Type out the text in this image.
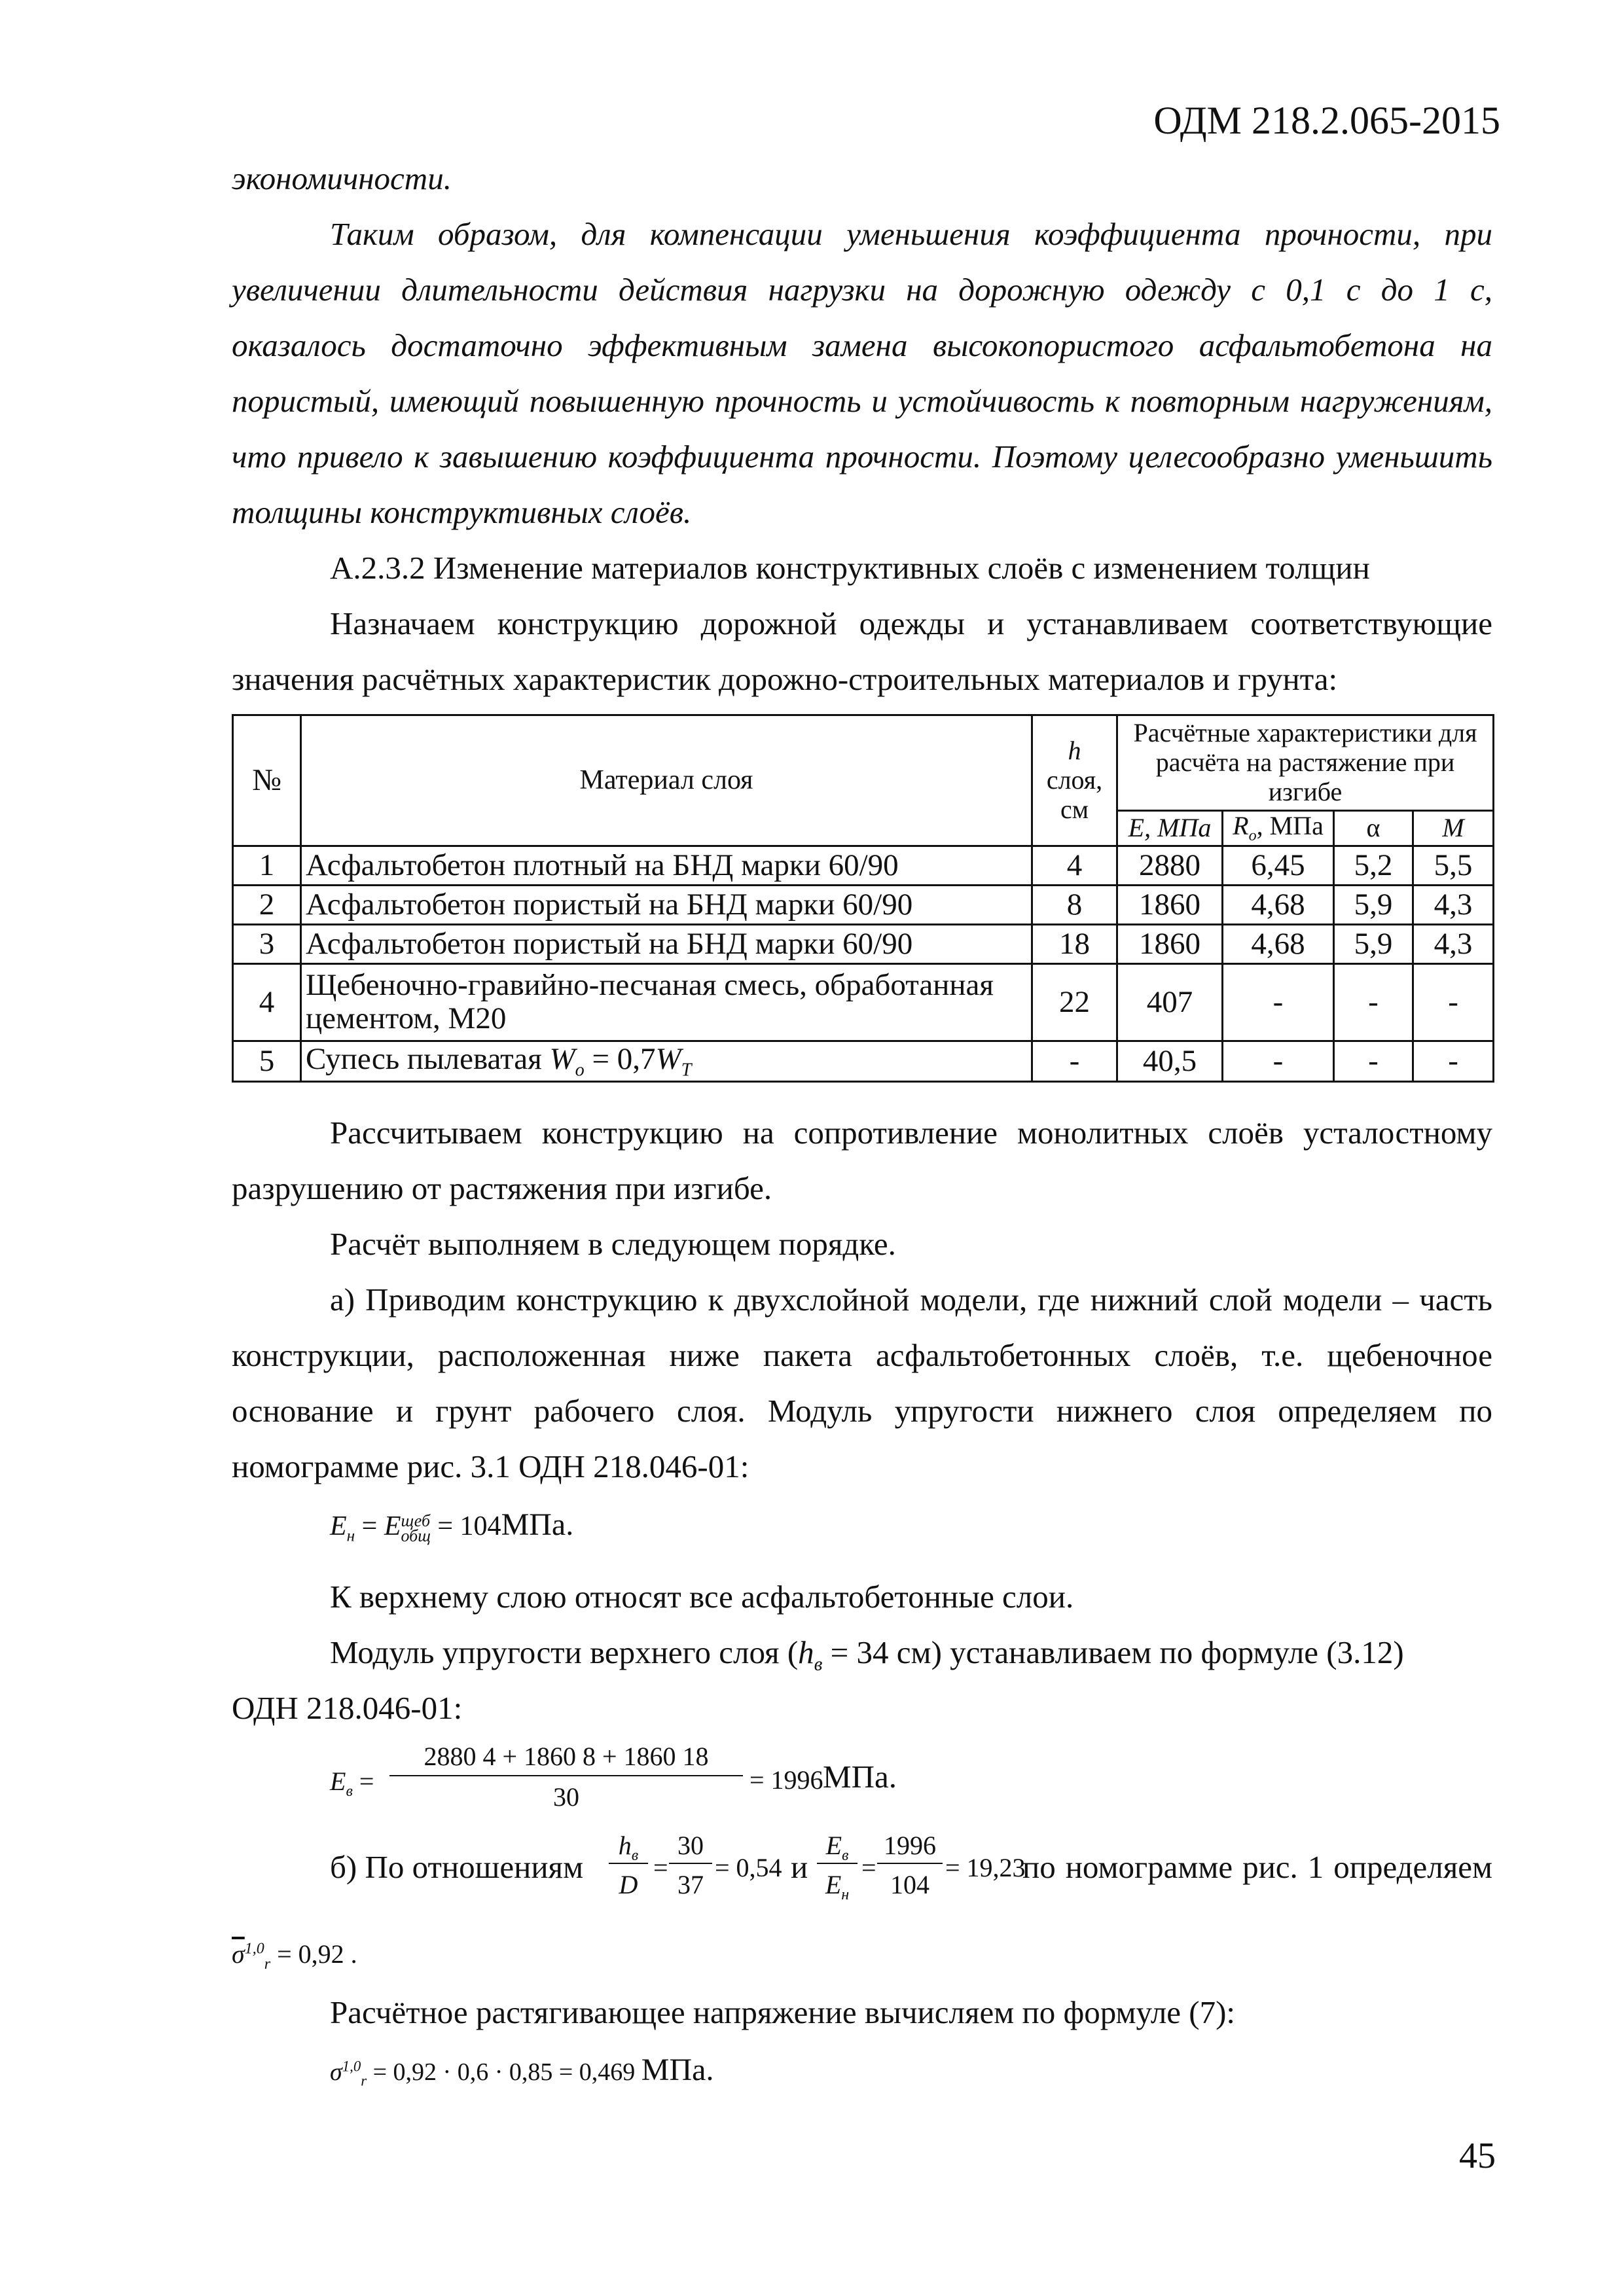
ОДМ 218.2.065-2015
экономичности.
Таким образом, для компенсации уменьшения коэффициента прочности, при
увеличении длительности действия нагрузки на дорожную одежду с 0,1 с до 1 с,
оказалось достаточно эффективным замена высокопористого асфальтобетона на
пористый, имеющий повышенную прочность и устойчивость к повторным нагружениям,
что привело к завышению коэффициента прочности. Поэтому целесообразно уменьшить
толщины конструктивных слоёв.
А.2.3.2 Изменение материалов конструктивных слоёв с изменением толщин
Назначаем конструкцию дорожной одежды и устанавливаем соответствующие
значения расчётных характеристик дорожно-строительных материалов и грунта:
№	Материал слоя	h
слоя,
см	Расчётные характеристики для расчёта на растяжение при изгибе			
			E, МПа	$R_o$, МПа	α	M
1	Асфальтобетон плотный на БНД марки 60/90	4	2880	6,45	5,2	5,5
2	Асфальтобетон пористый на БНД марки 60/90	8	1860	4,68	5,9	4,3
3	Асфальтобетон пористый на БНД марки 60/90	18	1860	4,68	5,9	4,3
4	Щебеночно-гравийно-песчаная смесь, обработанная цементом, М20	22	407	-	-	-
5	Супесь пылеватая $W_o = 0,7W_T$	-	40,5	-	-	-
Рассчитываем конструкцию на сопротивление монолитных слоёв усталостному
разрушению от растяжения при изгибе.
Расчёт выполняем в следующем порядке.
а) Приводим конструкцию к двухслойной модели, где нижний слой модели – часть
конструкции, расположенная ниже пакета асфальтобетонных слоёв, т.е. щебеночное
основание и грунт рабочего слоя. Модуль упругости нижнего слоя определяем по
номограмме рис. 3.1 ОДН 218.046-01:
$E_н$ = Eщеб
общ = 104МПа.
К верхнему слою относят все асфальтобетонные слои.
Модуль упругости верхнего слоя ($h_в = 34$ см) устанавливаем по формуле (3.12)
ОДН 218.046-01:
$E_в$ =
2880 4 + 1860 8 + 1860 18
30
= 1996 МПа.
б) По отношениям
$h_в$
D
=
30
37
= 0,54 и
$E_в$
$E_н$
=
1996
104
= 19,23
по номограмме рис. 1 определяем
$\overline{\sigma}^{1,0}_r = 0,92$ .
Расчётное растягивающее напряжение вычисляем по формуле (7):
$\sigma^{1,0}_r = 0,92 \cdot 0,6 \cdot 0,85 = 0,469$ МПа.
45
